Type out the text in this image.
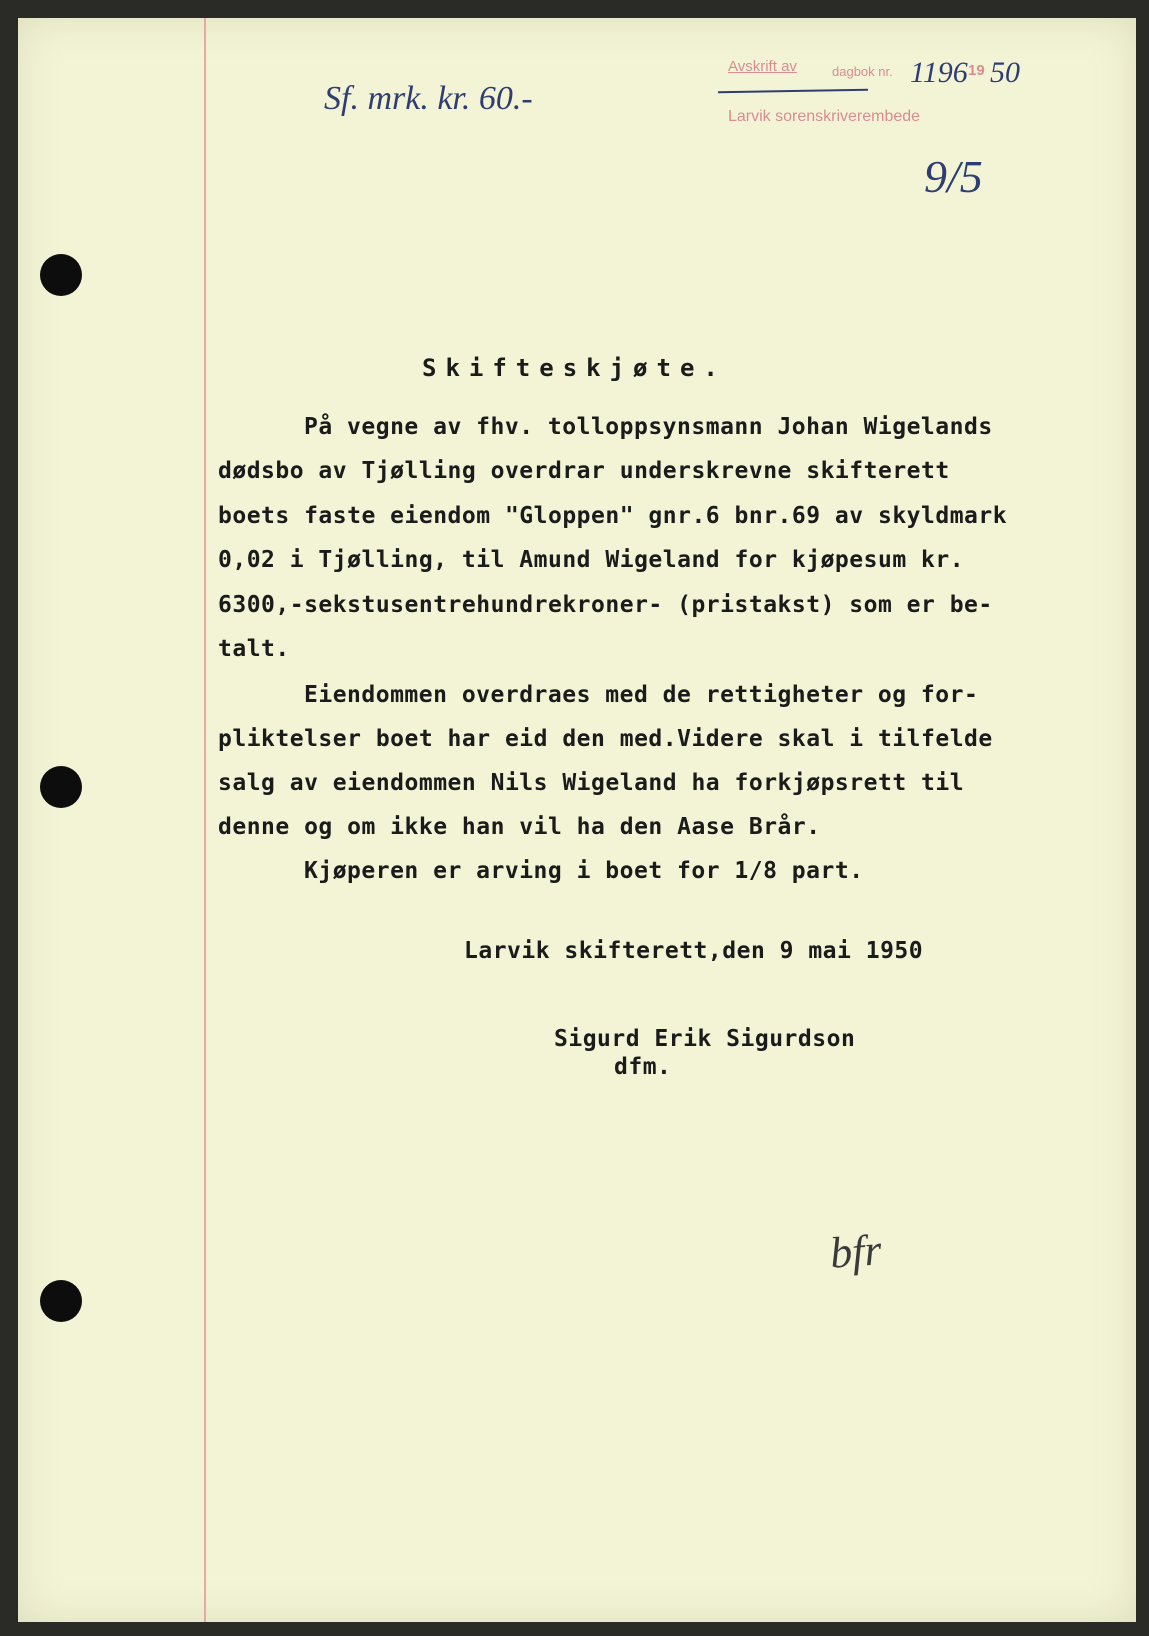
Avskrift av	dagbok nr. 1196 19 50
Larvik sorenskriverembede
Sf. mrk. kr. 60.-
9/5
Skifteskjøte.
På vegne av fhv. tolloppsynsmann Johan Wigelands
dødsbo av Tjølling overdrar underskrevne skifterett
boets faste eiendom "Gloppen" gnr.6 bnr.69 av skyldmark
0,02 i Tjølling, til Amund Wigeland for kjøpesum kr.
6300,-sekstusentrehundrekroner- (pristakst) som er be-
talt.
Eiendommen overdraes med de rettigheter og for-
pliktelser boet har eid den med.Videre skal i tilfelde
salg av eiendommen Nils Wigeland ha forkjøpsrett til
denne og om ikke han vil ha den Aase Brår.
Kjøperen er arving i boet for 1/8 part.
Larvik skifterett,den 9 mai 1950
Sigurd Erik Sigurdson
dfm.
bfr
